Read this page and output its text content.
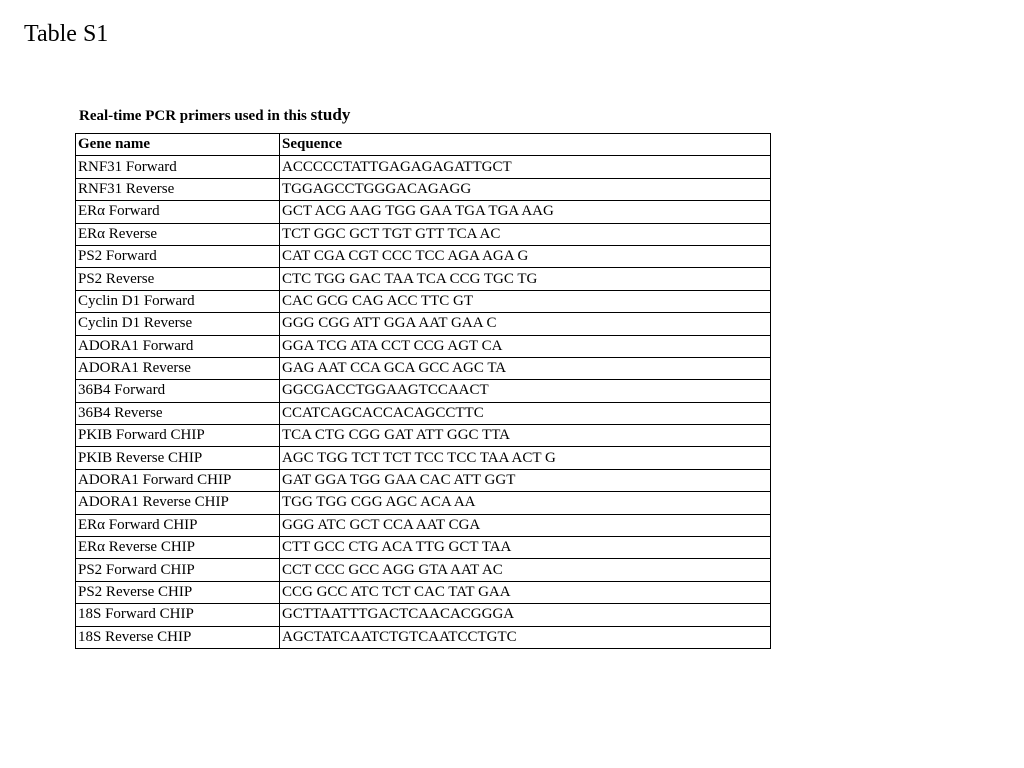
Table S1
Real-time PCR primers used in this study
Gene name	Sequence
RNF31 Forward	ACCCCCTATTGAGAGAGATTGCT
RNF31 Reverse	TGGAGCCTGGGACAGAGG
ERα Forward	GCT ACG AAG TGG GAA TGA TGA AAG
ERα Reverse	TCT GGC GCT TGT GTT TCA AC
PS2 Forward	CAT CGA CGT CCC TCC AGA AGA G
PS2 Reverse	CTC TGG GAC TAA TCA CCG TGC TG
Cyclin D1 Forward	CAC GCG CAG ACC TTC GT
Cyclin D1 Reverse	GGG CGG ATT GGA AAT GAA C
ADORA1 Forward	GGA TCG ATA CCT CCG AGT CA
ADORA1 Reverse	GAG AAT CCA GCA GCC AGC TA
36B4 Forward	GGCGACCTGGAAGTCCAACT
36B4 Reverse	CCATCAGCACCACAGCCTTC
PKIB Forward CHIP	TCA CTG CGG GAT ATT GGC TTA
PKIB Reverse CHIP	AGC TGG TCT TCT TCC TCC TAA ACT G
ADORA1 Forward CHIP	GAT GGA TGG GAA CAC ATT GGT
ADORA1 Reverse CHIP	TGG TGG CGG AGC ACA AA
ERα Forward CHIP	GGG ATC GCT CCA AAT CGA
ERα Reverse CHIP	CTT GCC CTG ACA TTG GCT TAA
PS2 Forward CHIP	CCT CCC GCC AGG GTA AAT AC
PS2 Reverse CHIP	CCG GCC ATC TCT CAC TAT GAA
18S Forward CHIP	GCTTAATTTGACTCAACACGGGA
18S Reverse CHIP	AGCTATCAATCTGTCAATCCTGTC
